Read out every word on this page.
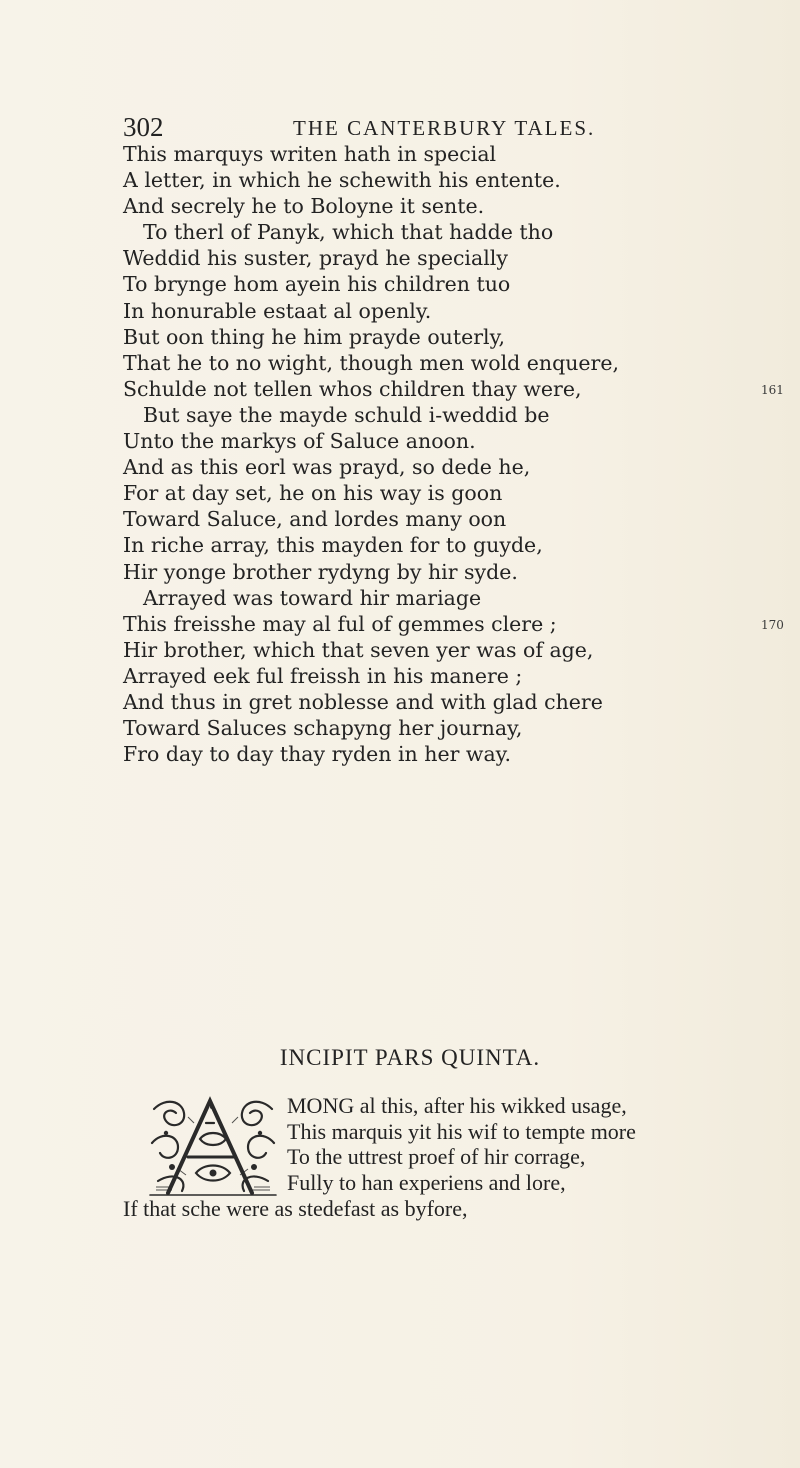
302	THE CANTERBURY TALES.
This marquys writen hath in special
A letter, in which he schewith his entente.
And secrely he to Boloyne it sente.
To therl of Panyk, which that hadde tho
Weddid his suster, prayd he specially
To brynge hom ayein his children tuo
In honurable estaat al openly.
But oon thing he him prayde outerly,
That he to no wight, though men wold enquere,
Schulde not tellen whos children thay were,	161
But saye the mayde schuld i-weddid be
Unto the markys of Saluce anoon.
And as this eorl was prayd, so dede he,
For at day set, he on his way is goon
Toward Saluce, and lordes many oon
In riche array, this mayden for to guyde,
Hir yonge brother rydyng by hir syde.
Arrayed was toward hir mariage
This freisshe may al ful of gemmes clere ;	170
Hir brother, which that seven yer was of age,
Arrayed eek ful freissh in his manere ;
And thus in gret noblesse and with glad chere
Toward Saluces schapyng her journay,
Fro day to day thay ryden in her way.
INCIPIT PARS QUINTA.
MONG al this, after his wikked usage,
This marquis yit his wif to tempte more
To the uttrest proef of hir corrage,
Fully to han experiens and lore,
If that sche were as stedefast as byfore,
